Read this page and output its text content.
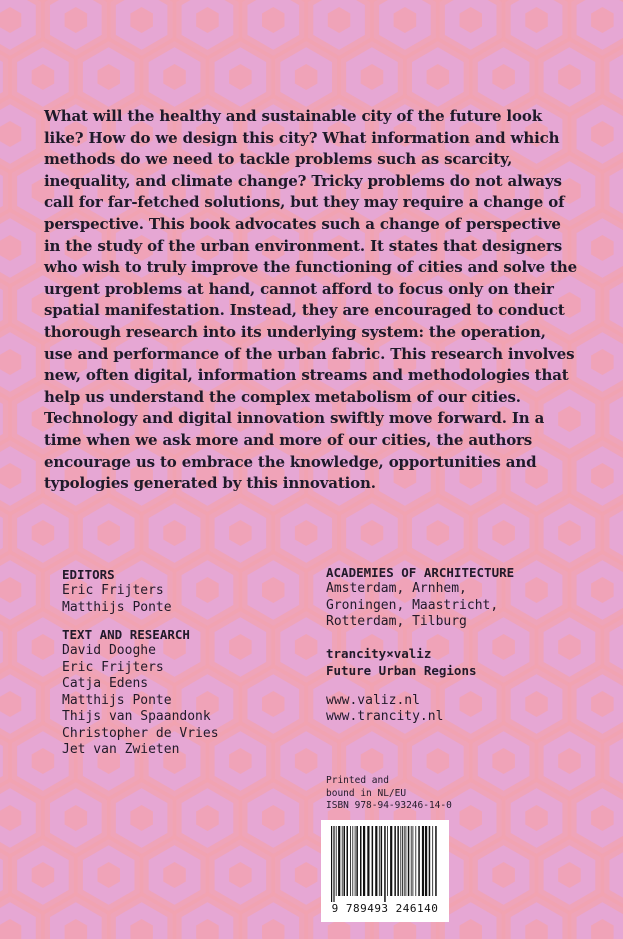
What will the healthy and sustainable city of the future look like? How do we design this city? What information and which methods do we need to tackle problems such as scarcity, inequality, and climate change? Tricky problems do not always call for far-fetched solutions, but they may require a change of perspective. This book advocates such a change of perspective in the study of the urban environment. It states that designers who wish to truly improve the functioning of cities and solve the urgent problems at hand, cannot afford to focus only on their spatial manifestation. Instead, they are encouraged to conduct thorough research into its underlying system: the operation, use and performance of the urban fabric. This research involves new, often digital, information streams and methodologies that help us understand the complex metabolism of our cities. Technology and digital innovation swiftly move forward. In a time when we ask more and more of our cities, the authors encourage us to embrace the knowledge, opportunities and typologies generated by this innovation.
EDITORS
Eric Frijters
Matthijs Ponte
TEXT AND RESEARCH
David Dooghe
Eric Frijters
Catja Edens
Matthijs Ponte
Thijs van Spaandonk
Christopher de Vries
Jet van Zwieten
ACADEMIES OF ARCHITECTURE
Amsterdam, Arnhem,
Groningen, Maastricht,
Rotterdam, Tilburg
trancity×valiz
Future Urban Regions
www.valiz.nl
www.trancity.nl
Printed and
bound in NL/EU
ISBN 978-94-93246-14-0
9 789493 246140
